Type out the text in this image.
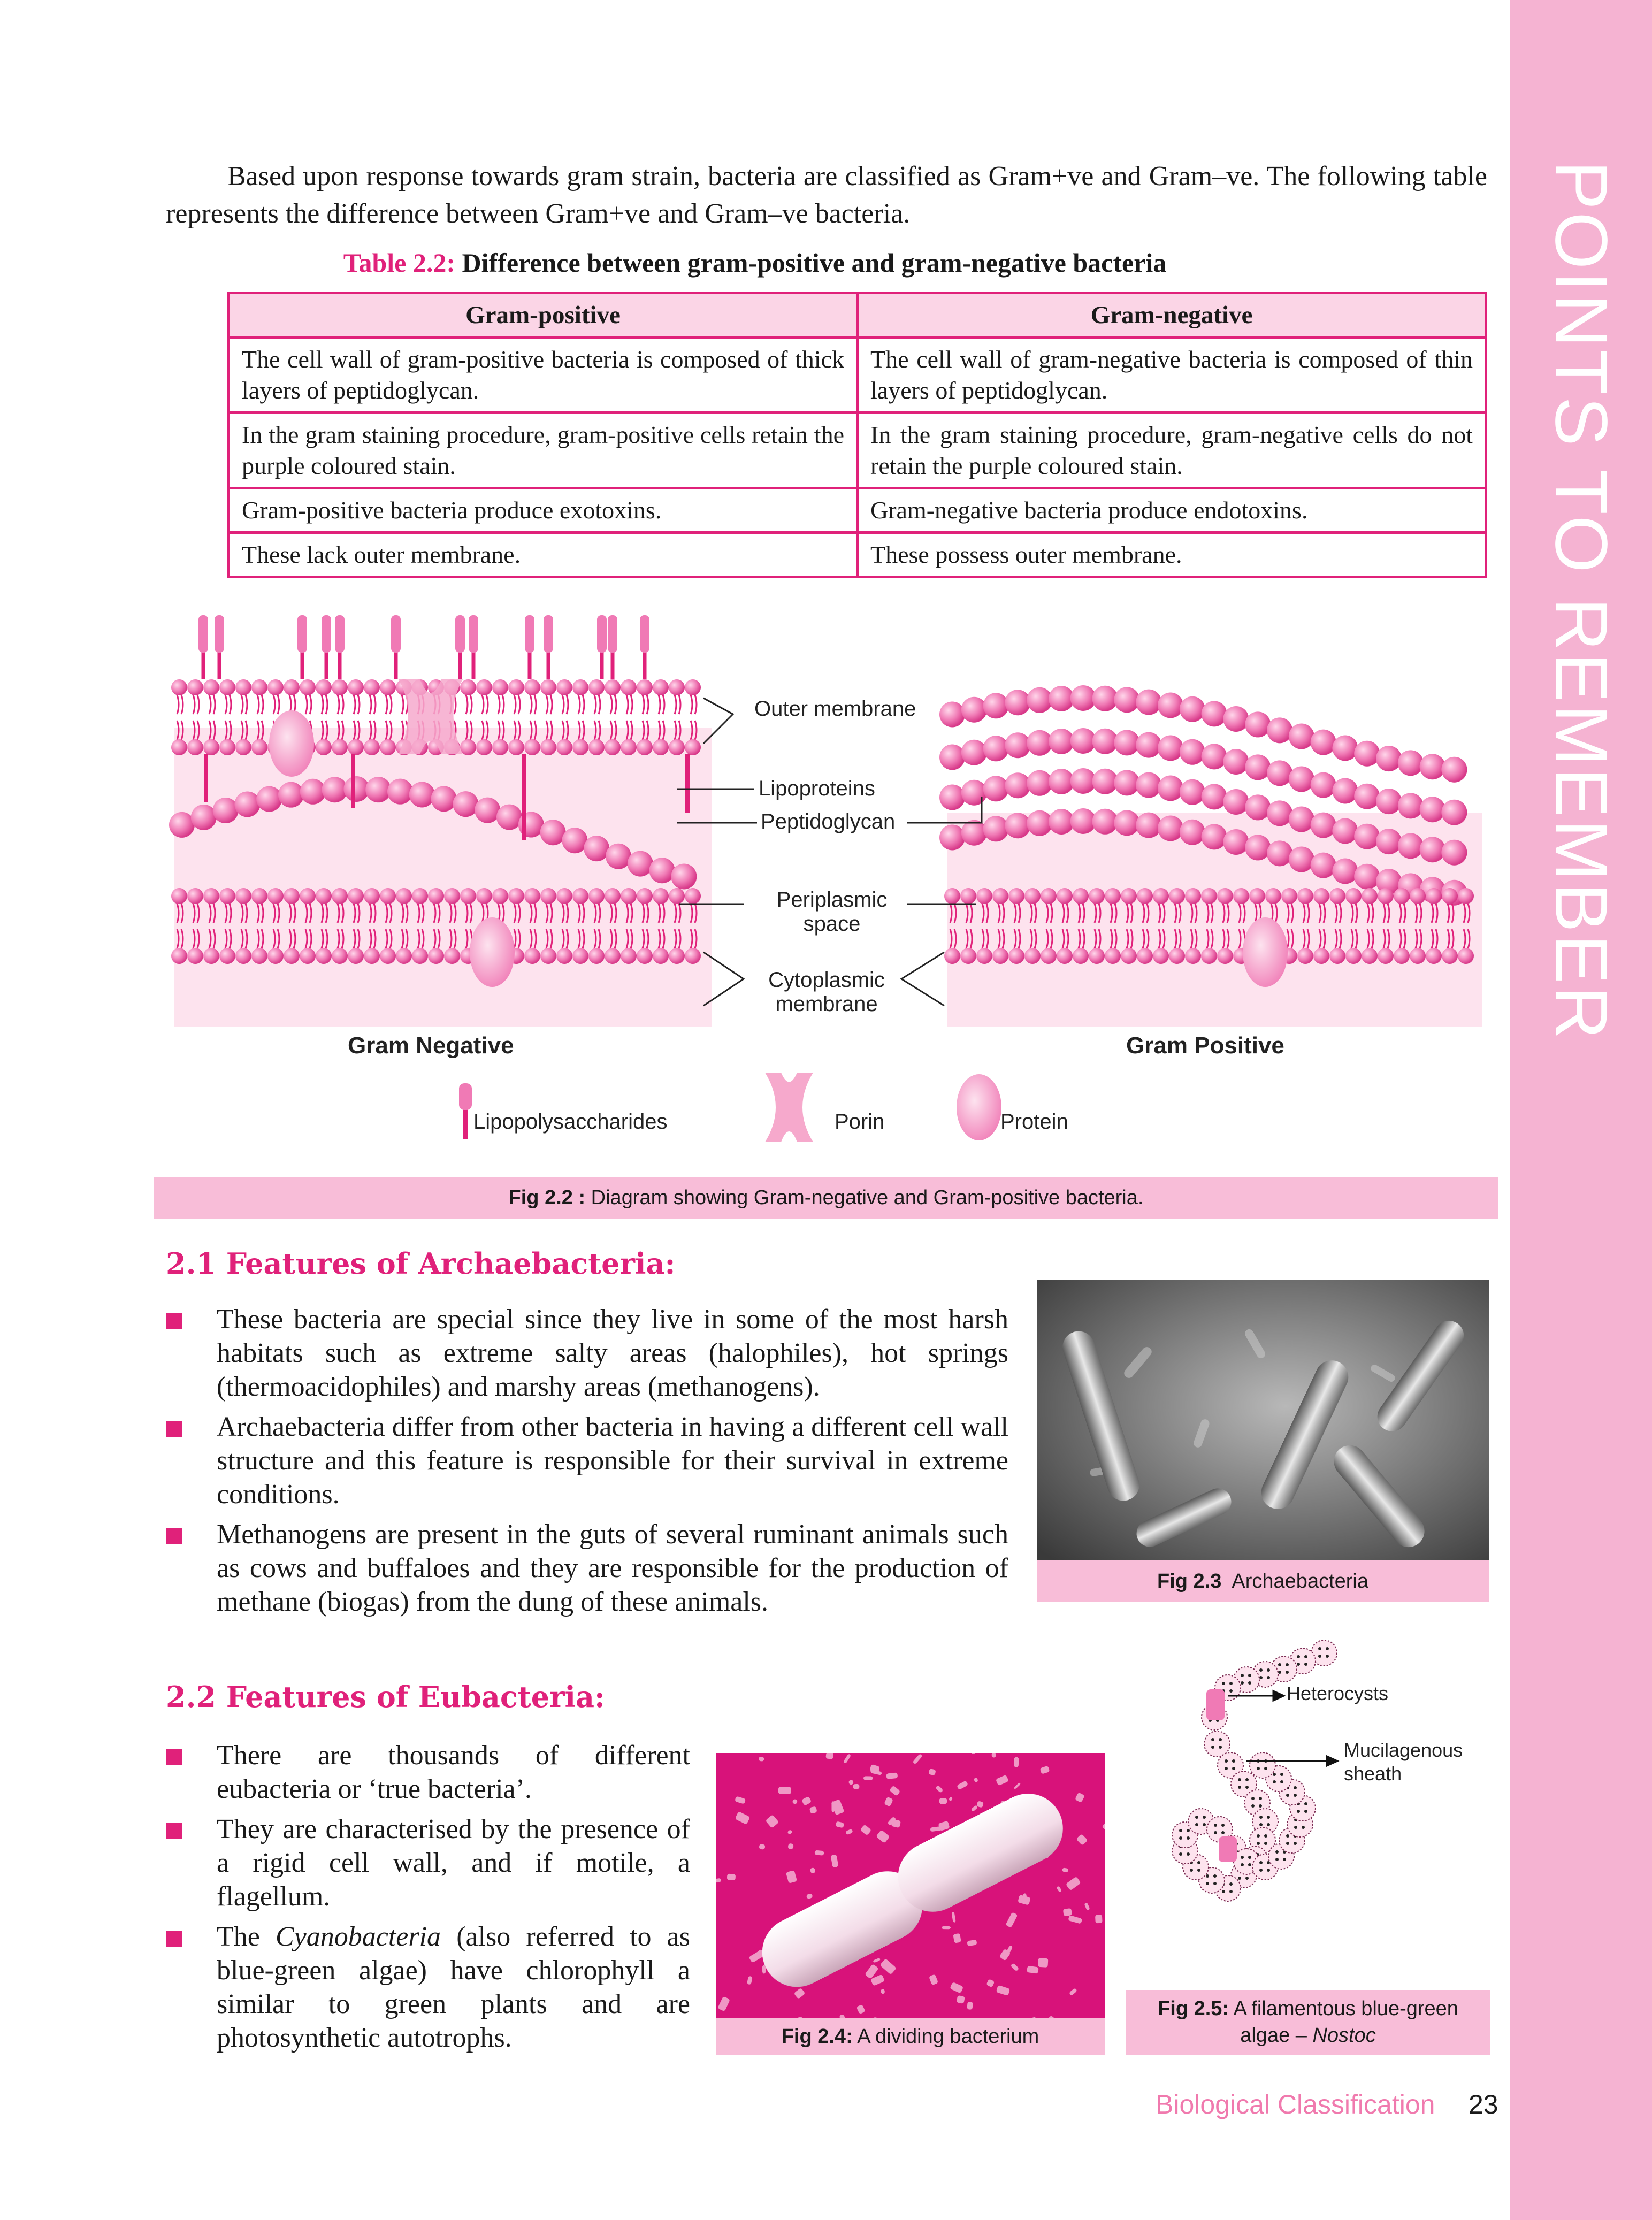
POINTS TO REMEMBER

Based upon response towards gram strain, bacteria are classified as Gram+ve and Gram–ve. The following table represents the difference between Gram+ve and Gram–ve bacteria.

Table 2.2: Difference between gram-positive and gram-negative bacteria
Gram-positive	Gram-negative
The cell wall of gram-positive bacteria is composed of thick layers of peptidoglycan.	The cell wall of gram-negative bacteria is composed of thin layers of peptidoglycan.
In the gram staining procedure, gram-positive cells retain the purple coloured stain.	In the gram staining procedure, gram-negative cells do not retain the purple coloured stain.
Gram-positive bacteria produce exotoxins.	Gram-negative bacteria produce endotoxins.
These lack outer membrane.	These possess outer membrane.
Outer membrane
Lipoproteins
Peptidoglycan
Periplasmic
space
Cytoplasmic
membrane
Gram Negative	Gram Positive
Lipopolysaccharides	Porin	Protein
Fig 2.2 : Diagram showing Gram-negative and Gram-positive bacteria.
2.1 Features of Archaebacteria:
These bacteria are special since they live in some of the most harsh habitats such as extreme salty areas (halophiles), hot springs (thermoacidophiles) and marshy areas (methanogens).
Archaebacteria differ from other bacteria in having a different cell wall structure and this feature is responsible for their survival in extreme conditions.
Methanogens are present in the guts of several ruminant animals such as cows and buffaloes and they are responsible for the production of methane (biogas) from the dung of these animals.
Fig 2.3 Archaebacteria
2.2 Features of Eubacteria:
There are thousands of different eubacteria or ‘true bacteria’.
They are characterised by the presence of a rigid cell wall, and if motile, a flagellum.
The Cyanobacteria (also referred to as blue-green algae) have chlorophyll a similar to green plants and are photosynthetic autotrophs.	Fig 2.4: A dividing bacterium
Heterocysts
Mucilagenous
sheath
Fig 2.5: A filamentous blue-green
algae – Nostoc
Biological Classification 23
